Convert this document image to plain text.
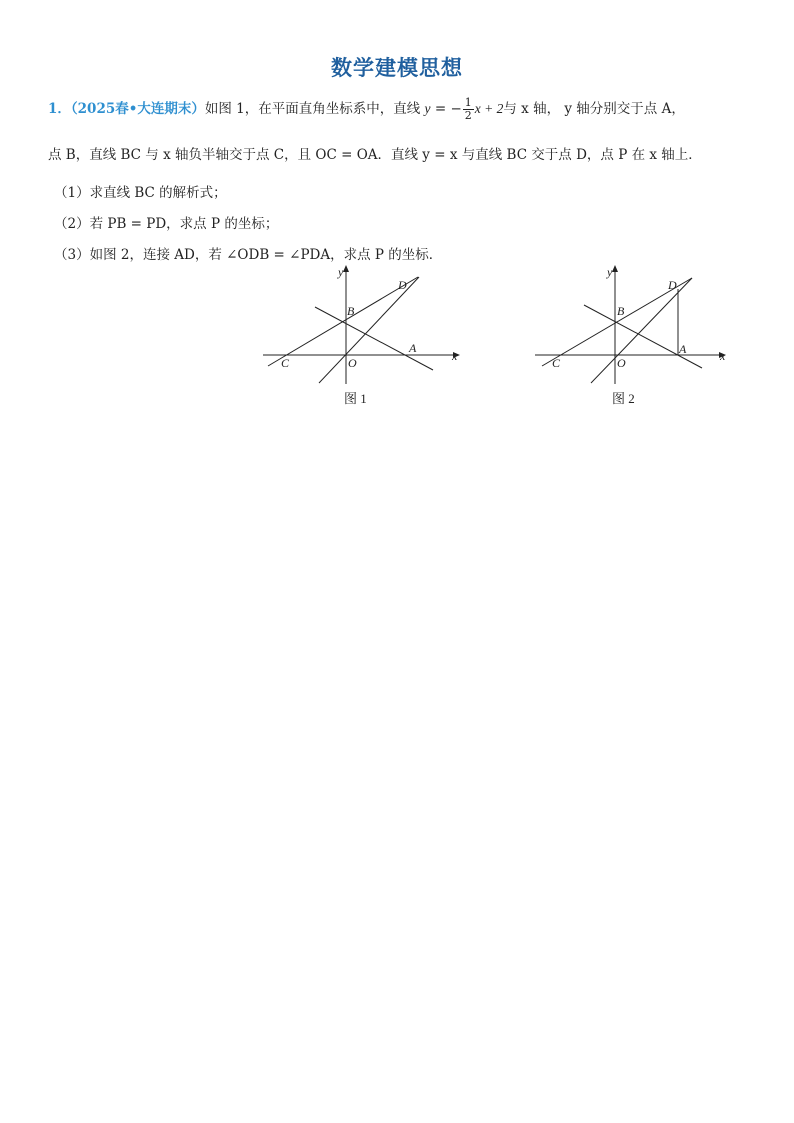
数学建模思想
1．（2025春•大连期末）如图 1，在平面直角坐标系中，直线 y = − $\frac{1}{2}$ x + 2与 x 轴， y 轴分别交于点 A，
点 B，直线 BC 与 x 轴负半轴交于点 C，且 OC = OA．直线 y = x 与直线 BC 交于点 D，点 P 在 x 轴上．
（1）求直线 BC 的解析式；
（2）若 PB = PD，求点 P 的坐标；
（3）如图 2，连接 AD，若 ∠ODB = ∠PDA，求点 P 的坐标．
x
y
O
A
B
C
D
图 1
x
y
O
A
B
C
D
图 2
